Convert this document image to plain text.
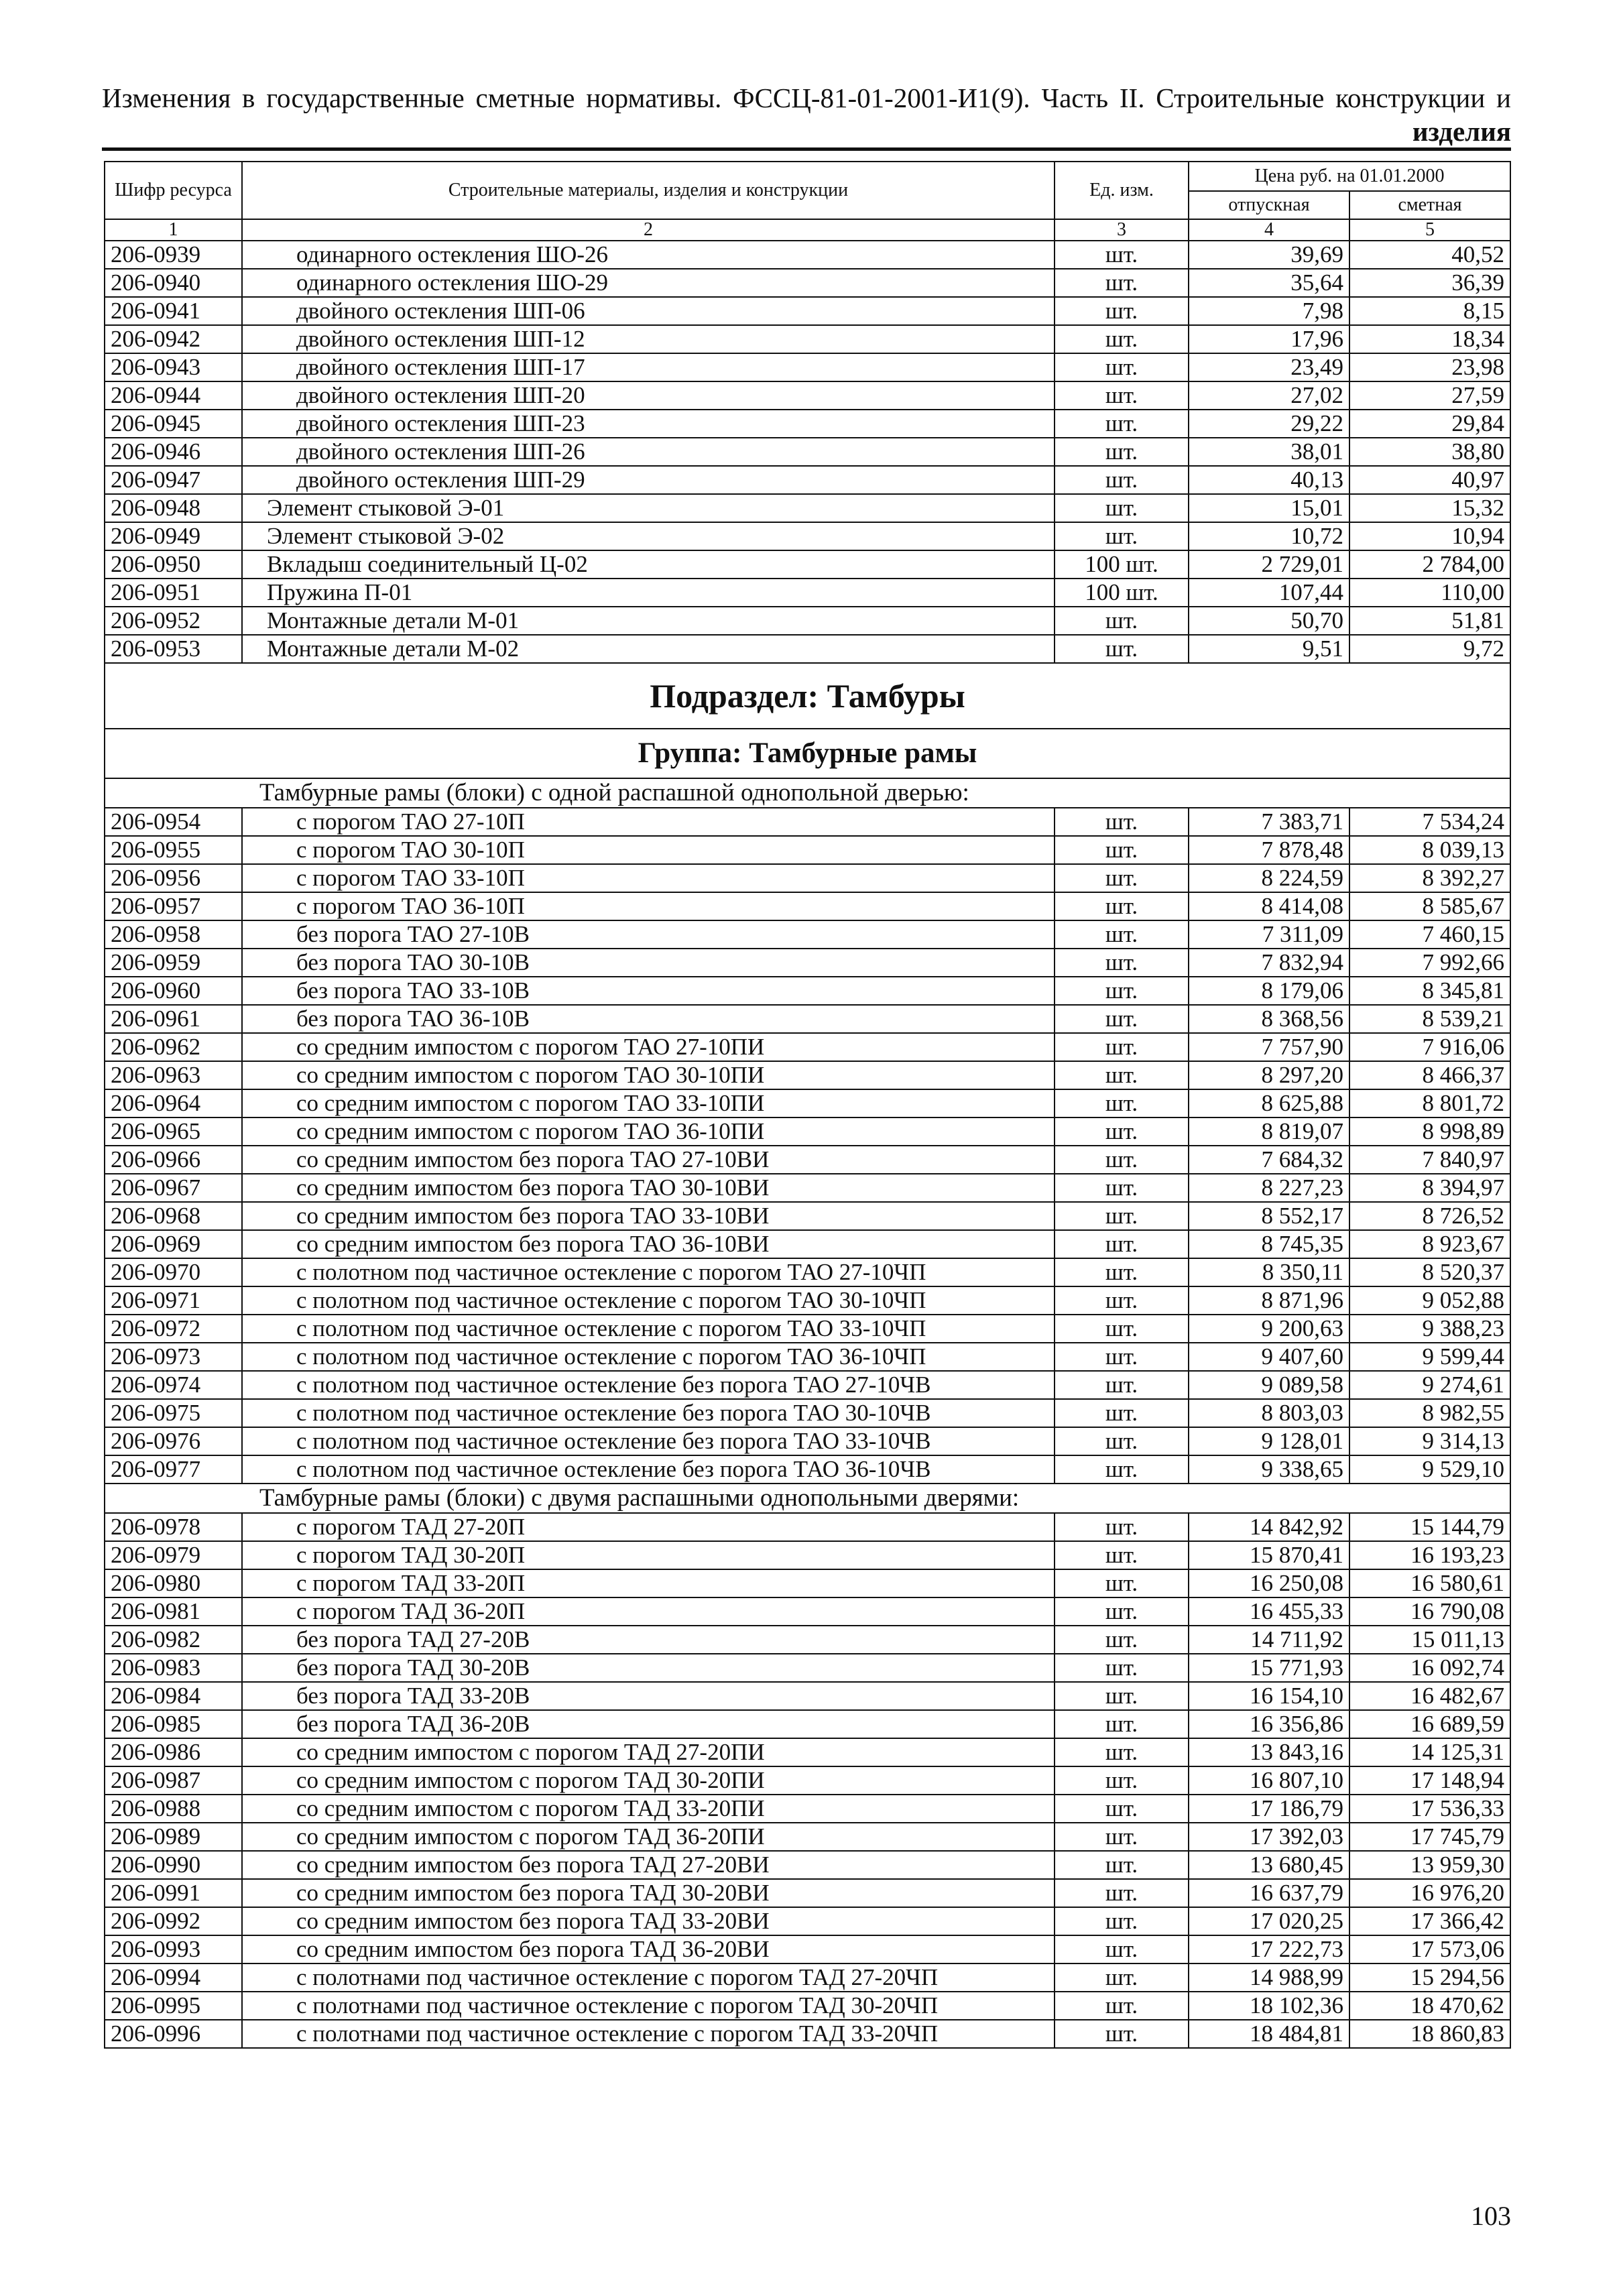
Изменения в государственные сметные нормативы. ФССЦ-81-01-2001-И1(9). Часть II. Строительные конструкции и
изделия
Шифр ресурса	Строительные материалы, изделия и конструкции	Ед. изм.	Цена руб. на 01.01.2000	
			отпускная	сметная
1	2	3	4	5
206-0939	одинарного остекления ШО-26	шт.	39,69	40,52
206-0940	одинарного остекления ШО-29	шт.	35,64	36,39
206-0941	двойного остекления ШП-06	шт.	7,98	8,15
206-0942	двойного остекления ШП-12	шт.	17,96	18,34
206-0943	двойного остекления ШП-17	шт.	23,49	23,98
206-0944	двойного остекления ШП-20	шт.	27,02	27,59
206-0945	двойного остекления ШП-23	шт.	29,22	29,84
206-0946	двойного остекления ШП-26	шт.	38,01	38,80
206-0947	двойного остекления ШП-29	шт.	40,13	40,97
206-0948	Элемент стыковой Э-01	шт.	15,01	15,32
206-0949	Элемент стыковой Э-02	шт.	10,72	10,94
206-0950	Вкладыш соединительный Ц-02	100 шт.	2 729,01	2 784,00
206-0951	Пружина П-01	100 шт.	107,44	110,00
206-0952	Монтажные детали М-01	шт.	50,70	51,81
206-0953	Монтажные детали М-02	шт.	9,51	9,72
Подраздел: Тамбуры				
Группа: Тамбурные рамы				
Тамбурные рамы (блоки) с одной распашной однопольной дверью:				
206-0954	с порогом ТАО 27-10П	шт.	7 383,71	7 534,24
206-0955	с порогом ТАО 30-10П	шт.	7 878,48	8 039,13
206-0956	с порогом ТАО 33-10П	шт.	8 224,59	8 392,27
206-0957	с порогом ТАО 36-10П	шт.	8 414,08	8 585,67
206-0958	без порога ТАО 27-10В	шт.	7 311,09	7 460,15
206-0959	без порога ТАО 30-10В	шт.	7 832,94	7 992,66
206-0960	без порога ТАО 33-10В	шт.	8 179,06	8 345,81
206-0961	без порога ТАО 36-10В	шт.	8 368,56	8 539,21
206-0962	со средним импостом с порогом ТАО 27-10ПИ	шт.	7 757,90	7 916,06
206-0963	со средним импостом с порогом ТАО 30-10ПИ	шт.	8 297,20	8 466,37
206-0964	со средним импостом с порогом ТАО 33-10ПИ	шт.	8 625,88	8 801,72
206-0965	со средним импостом с порогом ТАО 36-10ПИ	шт.	8 819,07	8 998,89
206-0966	со средним импостом без порога ТАО 27-10ВИ	шт.	7 684,32	7 840,97
206-0967	со средним импостом без порога ТАО 30-10ВИ	шт.	8 227,23	8 394,97
206-0968	со средним импостом без порога ТАО 33-10ВИ	шт.	8 552,17	8 726,52
206-0969	со средним импостом без порога ТАО 36-10ВИ	шт.	8 745,35	8 923,67
206-0970	с полотном под частичное остекление с порогом ТАО 27-10ЧП	шт.	8 350,11	8 520,37
206-0971	с полотном под частичное остекление с порогом ТАО 30-10ЧП	шт.	8 871,96	9 052,88
206-0972	с полотном под частичное остекление с порогом ТАО 33-10ЧП	шт.	9 200,63	9 388,23
206-0973	с полотном под частичное остекление с порогом ТАО 36-10ЧП	шт.	9 407,60	9 599,44
206-0974	с полотном под частичное остекление без порога ТАО 27-10ЧВ	шт.	9 089,58	9 274,61
206-0975	с полотном под частичное остекление без порога ТАО 30-10ЧВ	шт.	8 803,03	8 982,55
206-0976	с полотном под частичное остекление без порога ТАО 33-10ЧВ	шт.	9 128,01	9 314,13
206-0977	с полотном под частичное остекление без порога ТАО 36-10ЧВ	шт.	9 338,65	9 529,10
Тамбурные рамы (блоки) с двумя распашными однопольными дверями:				
206-0978	с порогом ТАД 27-20П	шт.	14 842,92	15 144,79
206-0979	с порогом ТАД 30-20П	шт.	15 870,41	16 193,23
206-0980	с порогом ТАД 33-20П	шт.	16 250,08	16 580,61
206-0981	с порогом ТАД 36-20П	шт.	16 455,33	16 790,08
206-0982	без порога ТАД 27-20В	шт.	14 711,92	15 011,13
206-0983	без порога ТАД 30-20В	шт.	15 771,93	16 092,74
206-0984	без порога ТАД 33-20В	шт.	16 154,10	16 482,67
206-0985	без порога ТАД 36-20В	шт.	16 356,86	16 689,59
206-0986	со средним импостом с порогом ТАД 27-20ПИ	шт.	13 843,16	14 125,31
206-0987	со средним импостом с порогом ТАД 30-20ПИ	шт.	16 807,10	17 148,94
206-0988	со средним импостом с порогом ТАД 33-20ПИ	шт.	17 186,79	17 536,33
206-0989	со средним импостом с порогом ТАД 36-20ПИ	шт.	17 392,03	17 745,79
206-0990	со средним импостом без порога ТАД 27-20ВИ	шт.	13 680,45	13 959,30
206-0991	со средним импостом без порога ТАД 30-20ВИ	шт.	16 637,79	16 976,20
206-0992	со средним импостом без порога ТАД 33-20ВИ	шт.	17 020,25	17 366,42
206-0993	со средним импостом без порога ТАД 36-20ВИ	шт.	17 222,73	17 573,06
206-0994	с полотнами под частичное остекление с порогом ТАД 27-20ЧП	шт.	14 988,99	15 294,56
206-0995	с полотнами под частичное остекление с порогом ТАД 30-20ЧП	шт.	18 102,36	18 470,62
206-0996	с полотнами под частичное остекление с порогом ТАД 33-20ЧП	шт.	18 484,81	18 860,83
103
